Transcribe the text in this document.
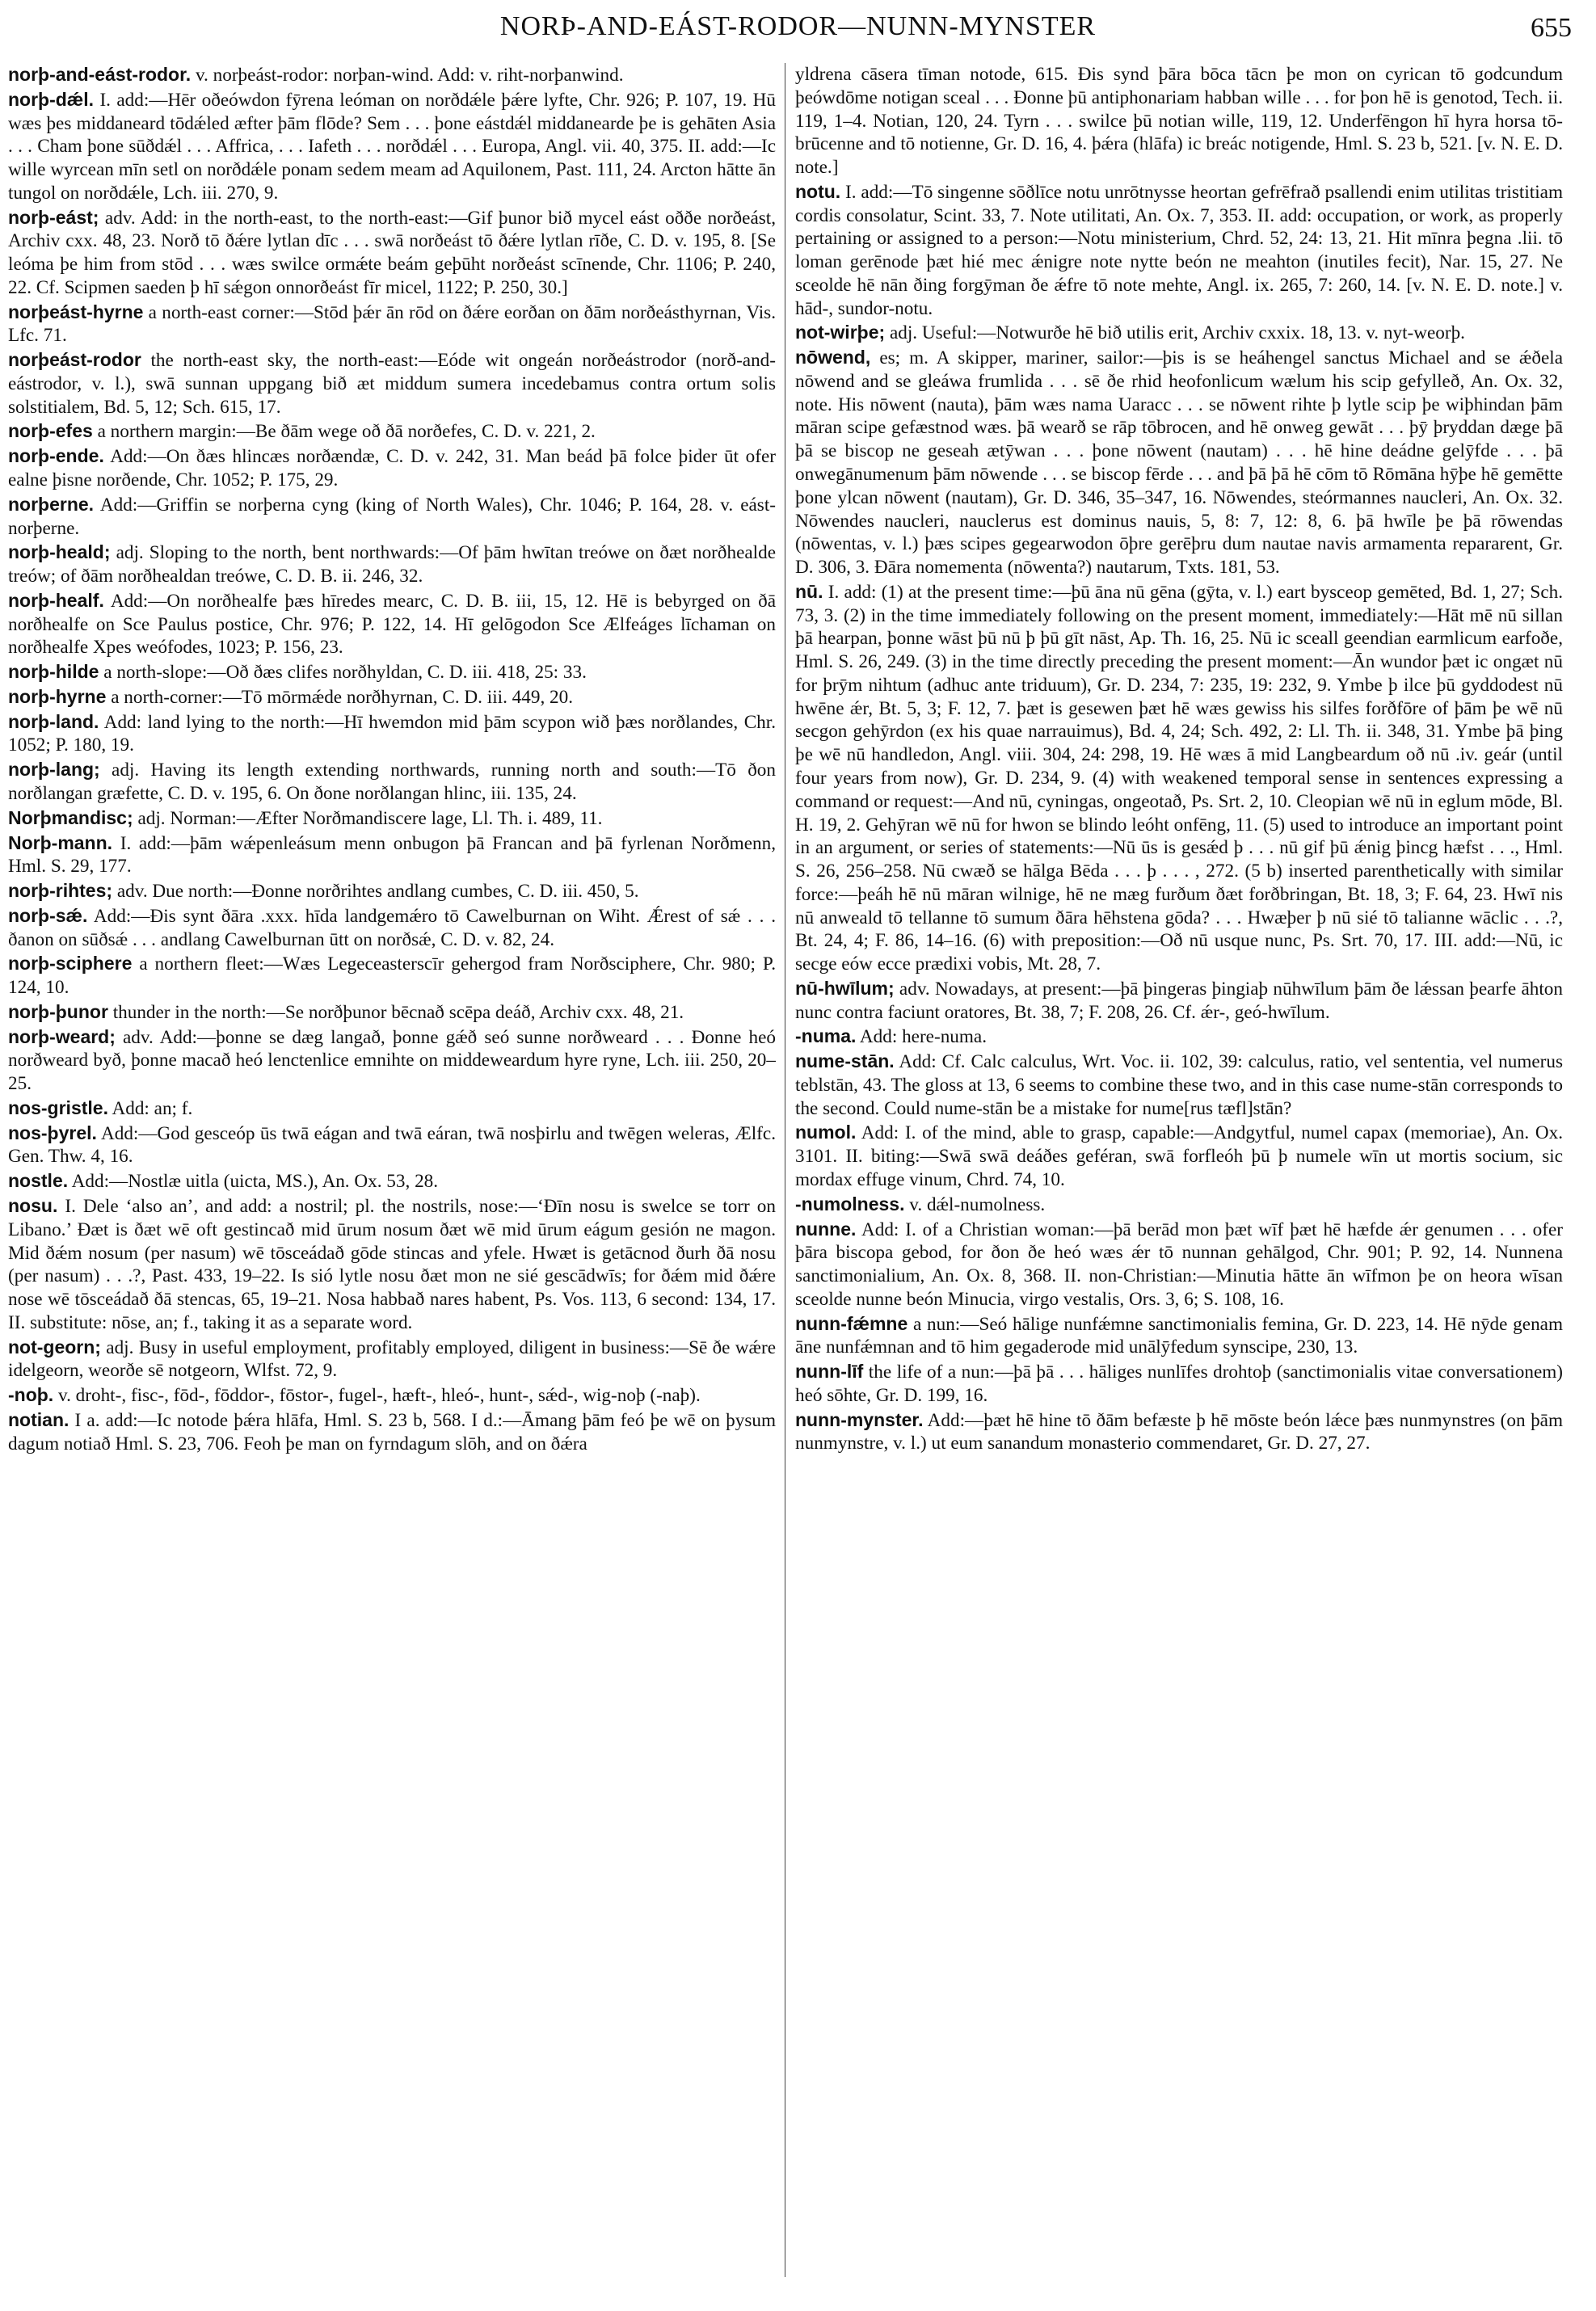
NORÞ-AND-EÁST-RODOR—NUNN-MYNSTER	655
norþ-and-eást-rodor. v. norþeást-rodor: norþan-wind. Add: v. riht-norþanwind.
norþ-dǽl. I. add:—Hēr oðeówdon fȳrena leóman on norðdǽle þǽre lyfte, Chr. 926; P. 107, 19. Hū wæs þes middaneard tōdǽled æfter þām flōde? Sem . . . þone eástdǽl middanearde þe is gehāten Asia . . . Cham þone sūðdǽl . . . Affrica, . . . Iafeth . . . norðdǽl . . . Europa, Angl. vii. 40, 375. II. add:—Ic wille wyrcean mīn setl on norðdǽle ponam sedem meam ad Aquilonem, Past. 111, 24. Arcton hātte ān tungol on norðdǽle, Lch. iii. 270, 9.
norþ-eást; adv. Add: in the north-east, to the north-east:—Gif þunor bið mycel eást oððe norðeást, Archiv cxx. 48, 23. Norð tō ðǽre lytlan dīc . . . swā norðeást tō ðǽre lytlan rīðe, C. D. v. 195, 8. [Se leóma þe him from stōd . . . wæs swilce ormǽte beám geþūht norðeást scīnende, Chr. 1106; P. 240, 22. Cf. Scipmen saeden þ hī sǽgon onnorðeást fīr micel, 1122; P. 250, 30.]
norþeást-hyrne a north-east corner:—Stōd þǽr ān rōd on ðǽre eorðan on ðām norðeásthyrnan, Vis. Lfc. 71.
norþeást-rodor the north-east sky, the north-east:—Eóde wit ongeán norðeástrodor (norð-and-eástrodor, v. l.), swā sunnan uppgang bið æt middum sumera incedebamus contra ortum solis solstitialem, Bd. 5, 12; Sch. 615, 17.
norþ-efes a northern margin:—Be ðām wege oð ðā norðefes, C. D. v. 221, 2.
norþ-ende. Add:—On ðæs hlincæs norðændæ, C. D. v. 242, 31. Man beád þā folce þider ūt ofer ealne þisne norðende, Chr. 1052; P. 175, 29.
norþerne. Add:—Griffin se norþerna cyng (king of North Wales), Chr. 1046; P. 164, 28. v. eást-norþerne.
norþ-heald; adj. Sloping to the north, bent northwards:—Of þām hwītan treówe on ðæt norðhealde treów; of ðām norðhealdan treówe, C. D. B. ii. 246, 32.
norþ-healf. Add:—On norðhealfe þæs hīredes mearc, C. D. B. iii, 15, 12. Hē is bebyrged on ðā norðhealfe on Sce Paulus postice, Chr. 976; P. 122, 14. Hī gelōgodon Sce Ælfeáges līchaman on norðhealfe Xpes weófodes, 1023; P. 156, 23.
norþ-hilde a north-slope:—Oð ðæs clifes norðhyldan, C. D. iii. 418, 25: 33.
norþ-hyrne a north-corner:—Tō mōrmǽde norðhyrnan, C. D. iii. 449, 20.
norþ-land. Add: land lying to the north:—Hī hwemdon mid þām scypon wið þæs norðlandes, Chr. 1052; P. 180, 19.
norþ-lang; adj. Having its length extending northwards, running north and south:—Tō ðon norðlangan græfette, C. D. v. 195, 6. On ðone norðlangan hlinc, iii. 135, 24.
Norþmandisc; adj. Norman:—Æfter Norðmandiscere lage, Ll. Th. i. 489, 11.
Norþ-mann. I. add:—þām wǽpenleásum menn onbugon þā Francan and þā fyrlenan Norðmenn, Hml. S. 29, 177.
norþ-rihtes; adv. Due north:—Ðonne norðrihtes andlang cumbes, C. D. iii. 450, 5.
norþ-sǽ. Add:—Ðis synt ðāra .xxx. hīda landgemǽro tō Cawelburnan on Wiht. Ǽrest of sǽ . . . ðanon on sūðsǽ . . . andlang Cawelburnan ūtt on norðsǽ, C. D. v. 82, 24.
norþ-sciphere a northern fleet:—Wæs Legeceasterscīr gehergod fram Norðsciphere, Chr. 980; P. 124, 10.
norþ-þunor thunder in the north:—Se norðþunor bēcnað scēpa deáð, Archiv cxx. 48, 21.
norþ-weard; adv. Add:—þonne se dæg langað, þonne gǽð seó sunne norðweard . . . Ðonne heó norðweard byð, þonne macað heó lenctenlice emnihte on middeweardum hyre ryne, Lch. iii. 250, 20–25.
nos-gristle. Add: an; f.
nos-þyrel. Add:—God gesceóp ūs twā eágan and twā eáran, twā nosþirlu and twēgen weleras, Ælfc. Gen. Thw. 4, 16.
nostle. Add:—Nostlæ uitla (uicta, MS.), An. Ox. 53, 28.
nosu. I. Dele ‘also an’, and add: a nostril; pl. the nostrils, nose:—‘Ðīn nosu is swelce se torr on Libano.’ Ðæt is ðæt wē oft gestincað mid ūrum nosum ðæt wē mid ūrum eágum gesión ne magon. Mid ðǽm nosum (per nasum) wē tōsceádað gōde stincas and yfele. Hwæt is getācnod ðurh ðā nosu (per nasum) . . .?, Past. 433, 19–22. Is sió lytle nosu ðæt mon ne sié gescādwīs; for ðǽm mid ðǽre nose wē tōsceádað ðā stencas, 65, 19–21. Nosa habbað nares habent, Ps. Vos. 113, 6 second: 134, 17. II. substitute: nōse, an; f., taking it as a separate word.
not-georn; adj. Busy in useful employment, profitably employed, diligent in business:—Sē ðe wǽre idelgeorn, weorðe sē notgeorn, Wlfst. 72, 9.
-noþ. v. droht-, fisc-, fōd-, fōddor-, fōstor-, fugel-, hæft-, hleó-, hunt-, sǽd-, wig-noþ (-naþ).
notian. I a. add:—Ic notode þǽra hlāfa, Hml. S. 23 b, 568. I d.:—Āmang þām feó þe wē on þysum dagum notiað Hml. S. 23, 706. Feoh þe man on fyrndagum slōh, and on ðǽra
yldrena cāsera tīman notode, 615. Ðis synd þāra bōca tācn þe mon on cyrican tō godcundum þeówdōme notigan sceal . . . Ðonne þū antiphonariam habban wille . . . for þon hē is genotod, Tech. ii. 119, 1–4. Notian, 120, 24. Tyrn . . . swilce þū notian wille, 119, 12. Underfēngon hī hyra horsa tō-brūcenne and tō notienne, Gr. D. 16, 4. þǽra (hlāfa) ic breác notigende, Hml. S. 23 b, 521. [v. N. E. D. note.]
notu. I. add:—Tō singenne sōðlīce notu unrōtnysse heortan gefrēfrað psallendi enim utilitas tristitiam cordis consolatur, Scint. 33, 7. Note utilitati, An. Ox. 7, 353. II. add: occupation, or work, as properly pertaining or assigned to a person:—Notu ministerium, Chrd. 52, 24: 13, 21. Hit mīnra þegna .lii. tō loman gerēnode þæt hié mec ǽnigre note nytte beón ne meahton (inutiles fecit), Nar. 15, 27. Ne sceolde hē nān ðing forgȳman ðe ǽfre tō note mehte, Angl. ix. 265, 7: 260, 14. [v. N. E. D. note.] v. hād-, sundor-notu.
not-wirþe; adj. Useful:—Notwurðe hē bið utilis erit, Archiv cxxix. 18, 13. v. nyt-weorþ.
nōwend, es; m. A skipper, mariner, sailor:—þis is se heáhengel sanctus Michael and se ǽðela nōwend and se gleáwa frumlida . . . sē ðe rhid heofonlicum wælum his scip gefylleð, An. Ox. 32, note. His nōwent (nauta), þām wæs nama Uaracc . . . se nōwent rihte þ lytle scip þe wiþhindan þām māran scipe gefæstnod wæs. þā wearð se rāp tōbrocen, and hē onweg gewāt . . . þȳ þryddan dæge þā þā se biscop ne geseah ætȳwan . . . þone nōwent (nautam) . . . hē hine deádne gelȳfde . . . þā onwegānumenum þām nōwende . . . se biscop fērde . . . and þā þā hē cōm tō Rōmāna hȳþe hē gemētte þone ylcan nōwent (nautam), Gr. D. 346, 35–347, 16. Nōwendes, steórmannes naucleri, An. Ox. 32. Nōwendes naucleri, nauclerus est dominus nauis, 5, 8: 7, 12: 8, 6. þā hwīle þe þā rōwendas (nōwentas, v. l.) þæs scipes gegearwodon ōþre gerēþru dum nautae navis armamenta repararent, Gr. D. 306, 3. Ðāra nomementa (nōwenta?) nautarum, Txts. 181, 53.
nū. I. add: (1) at the present time:—þū āna nū gēna (gȳta, v. l.) eart bysceop gemēted, Bd. 1, 27; Sch. 73, 3. (2) in the time immediately following on the present moment, immediately:—Hāt mē nū sillan þā hearpan, þonne wāst þū nū þ þū gīt nāst, Ap. Th. 16, 25. Nū ic sceall geendian earmlicum earfoðe, Hml. S. 26, 249. (3) in the time directly preceding the present moment:—Ān wundor þæt ic ongæt nū for þrȳm nihtum (adhuc ante triduum), Gr. D. 234, 7: 235, 19: 232, 9. Ymbe þ ilce þū gyddodest nū hwēne ǽr, Bt. 5, 3; F. 12, 7. þæt is gesewen þæt hē wæs gewiss his silfes forðfōre of þām þe wē nū secgon gehȳrdon (ex his quae narrauimus), Bd. 4, 24; Sch. 492, 2: Ll. Th. ii. 348, 31. Ymbe þā þing þe wē nū handledon, Angl. viii. 304, 24: 298, 19. Hē wæs ā mid Langbeardum oð nū .iv. geár (until four years from now), Gr. D. 234, 9. (4) with weakened temporal sense in sentences expressing a command or request:—And nū, cyningas, ongeotað, Ps. Srt. 2, 10. Cleopian wē nū in eglum mōde, Bl. H. 19, 2. Gehȳran wē nū for hwon se blindo leóht onfēng, 11. (5) used to introduce an important point in an argument, or series of statements:—Nū ūs is gesǽd þ . . . nū gif þū ǽnig þincg hæfst . . ., Hml. S. 26, 256–258. Nū cwæð se hālga Bēda . . . þ . . . , 272. (5 b) inserted parenthetically with similar force:—þeáh hē nū māran wilnige, hē ne mæg furðum ðæt forðbringan, Bt. 18, 3; F. 64, 23. Hwī nis nū anweald tō tellanne tō sumum ðāra hēhstena gōda? . . . Hwæþer þ nū sié tō talianne wāclic . . .?, Bt. 24, 4; F. 86, 14–16. (6) with preposition:—Oð nū usque nunc, Ps. Srt. 70, 17. III. add:—Nū, ic secge eów ecce prædixi vobis, Mt. 28, 7.
nū-hwīlum; adv. Nowadays, at present:—þā þingeras þingiaþ nūhwīlum þām ðe lǽssan þearfe āhton nunc contra faciunt oratores, Bt. 38, 7; F. 208, 26. Cf. ǽr-, geó-hwīlum.
-numa. Add: here-numa.
nume-stān. Add: Cf. Calc calculus, Wrt. Voc. ii. 102, 39: calculus, ratio, vel sententia, vel numerus teblstān, 43. The gloss at 13, 6 seems to combine these two, and in this case nume-stān corresponds to the second. Could nume-stān be a mistake for nume[rus tæfl]stān?
numol. Add: I. of the mind, able to grasp, capable:—Andgytful, numel capax (memoriae), An. Ox. 3101. II. biting:—Swā swā deáðes geféran, swā forfleóh þū þ numele wīn ut mortis socium, sic mordax effuge vinum, Chrd. 74, 10.
-numolness. v. dǽl-numolness.
nunne. Add: I. of a Christian woman:—þā berād mon þæt wīf þæt hē hæfde ǽr genumen . . . ofer þāra biscopa gebod, for ðon ðe heó wæs ǽr tō nunnan gehālgod, Chr. 901; P. 92, 14. Nunnena sanctimonialium, An. Ox. 8, 368. II. non-Christian:—Minutia hātte ān wīfmon þe on heora wīsan sceolde nunne beón Minucia, virgo vestalis, Ors. 3, 6; S. 108, 16.
nunn-fǽmne a nun:—Seó hālige nunfǽmne sanctimonialis femina, Gr. D. 223, 14. Hē nȳde genam āne nunfǽmnan and tō him gegaderode mid unālȳfedum synscipe, 230, 13.
nunn-līf the life of a nun:—þā þā . . . hāliges nunlīfes drohtoþ (sanctimonialis vitae conversationem) heó sōhte, Gr. D. 199, 16.
nunn-mynster. Add:—þæt hē hine tō ðām befæste þ hē mōste beón lǽce þæs nunmynstres (on þām nunmynstre, v. l.) ut eum sanandum monasterio commendaret, Gr. D. 27, 27.
